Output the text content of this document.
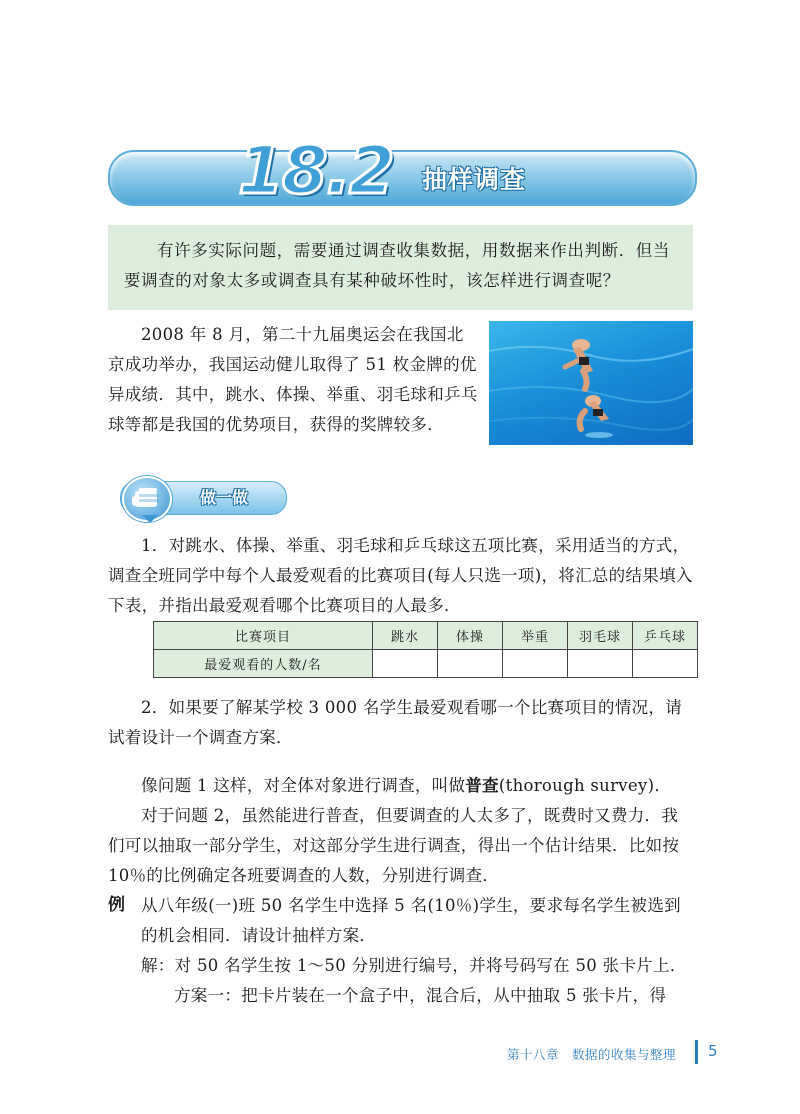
18.2 抽样调查
有许多实际问题，需要通过调查收集数据，用数据来作出判断．但当要调查的对象太多或调查具有某种破坏性时，该怎样进行调查呢？
2008 年 8 月，第二十九届奥运会在我国北京成功举办，我国运动健儿取得了 51 枚金牌的优异成绩．其中，跳水、体操、举重、羽毛球和乒乓球等都是我国的优势项目，获得的奖牌较多．
做一做
1．对跳水、体操、举重、羽毛球和乒乓球这五项比赛，采用适当的方式，调查全班同学中每个人最爱观看的比赛项目(每人只选一项)，将汇总的结果填入下表，并指出最爱观看哪个比赛项目的人最多．
比赛项目	跳水	体操	举重	羽毛球	乒乓球
最爱观看的人数/名					
2．如果要了解某学校 3 000 名学生最爱观看哪一个比赛项目的情况，请试着设计一个调查方案．
像问题 1 这样，对全体对象进行调查，叫做普查(thorough survey)．
对于问题 2，虽然能进行普查，但要调查的人太多了，既费时又费力．我们可以抽取一部分学生，对这部分学生进行调查，得出一个估计结果．比如按 10％的比例确定各班要调查的人数，分别进行调查．
例 从八年级(一)班 50 名学生中选择 5 名(10％)学生，要求每名学生被选到的机会相同．请设计抽样方案．
解：对 50 名学生按 1～50 分别进行编号，并将号码写在 50 张卡片上．
方案一：把卡片装在一个盒子中，混合后，从中抽取 5 张卡片，得
第十八章　数据的收集与整理 5
